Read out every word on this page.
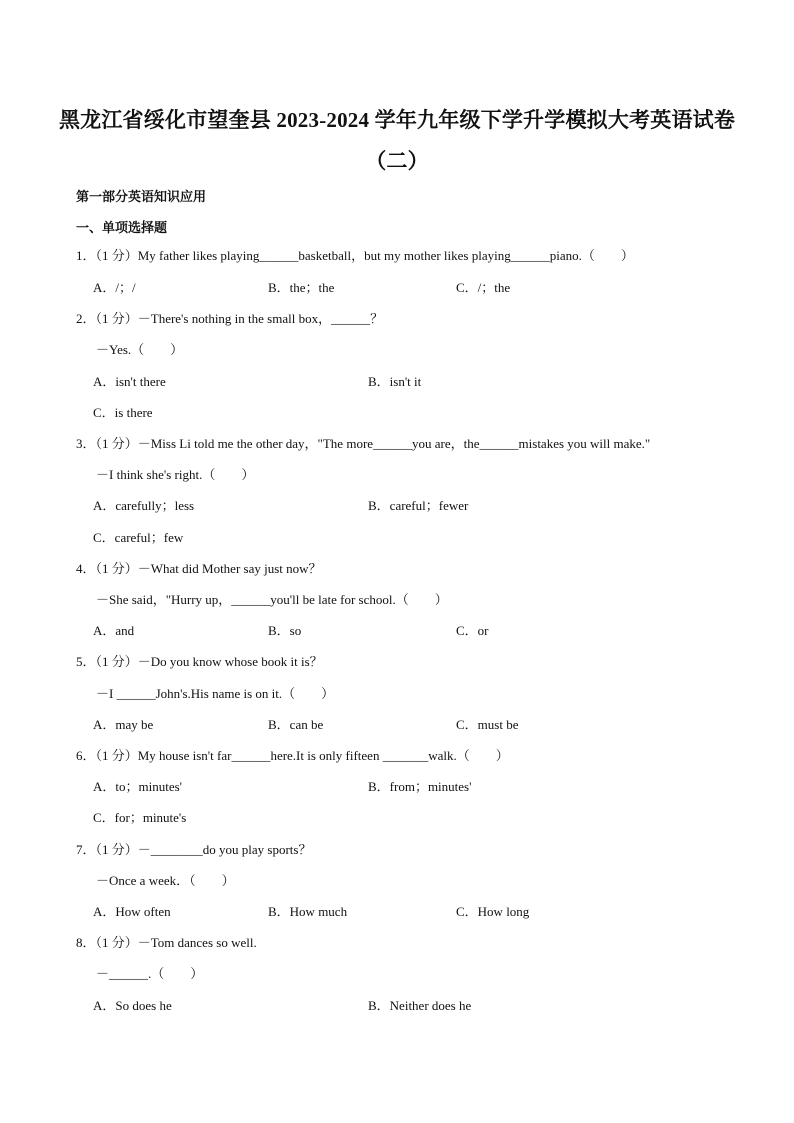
黑龙江省绥化市望奎县 2023-2024 学年九年级下学升学模拟大考英语试卷
（二）
第一部分英语知识应用
一、单项选择题
1．（1 分）My father likes playing______basketball，but my mother likes playing______piano.（　　）
A．/；/	B．the；the	C．/；the
2．（1 分）－There's nothing in the small box，______？
－Yes.（　　）
A．isn't there	B．isn't it
C．is there
3．（1 分）－Miss Li told me the other day，"The more______you are，the______mistakes you will make."
－I think she's right.（　　）
A．carefully；less	B．careful；fewer
C．careful；few
4．（1 分）－What did Mother say just now？
－She said，"Hurry up，______you'll be late for school.（　　）
A．and	B．so	C．or
5．（1 分）－Do you know whose book it is？
－I ______John's.His name is on it.（　　）
A．may be	B．can be	C．must be
6．（1 分）My house isn't far______here.It is only fifteen _______walk.（　　）
A．to；minutes'	B．from；minutes'
C．for；minute's
7．（1 分）－________do you play sports？
－Once a week．（　　）
A．How often	B．How much	C．How long
8．（1 分）－Tom dances so well.
－______.（　　）
A．So does he	B．Neither does he
